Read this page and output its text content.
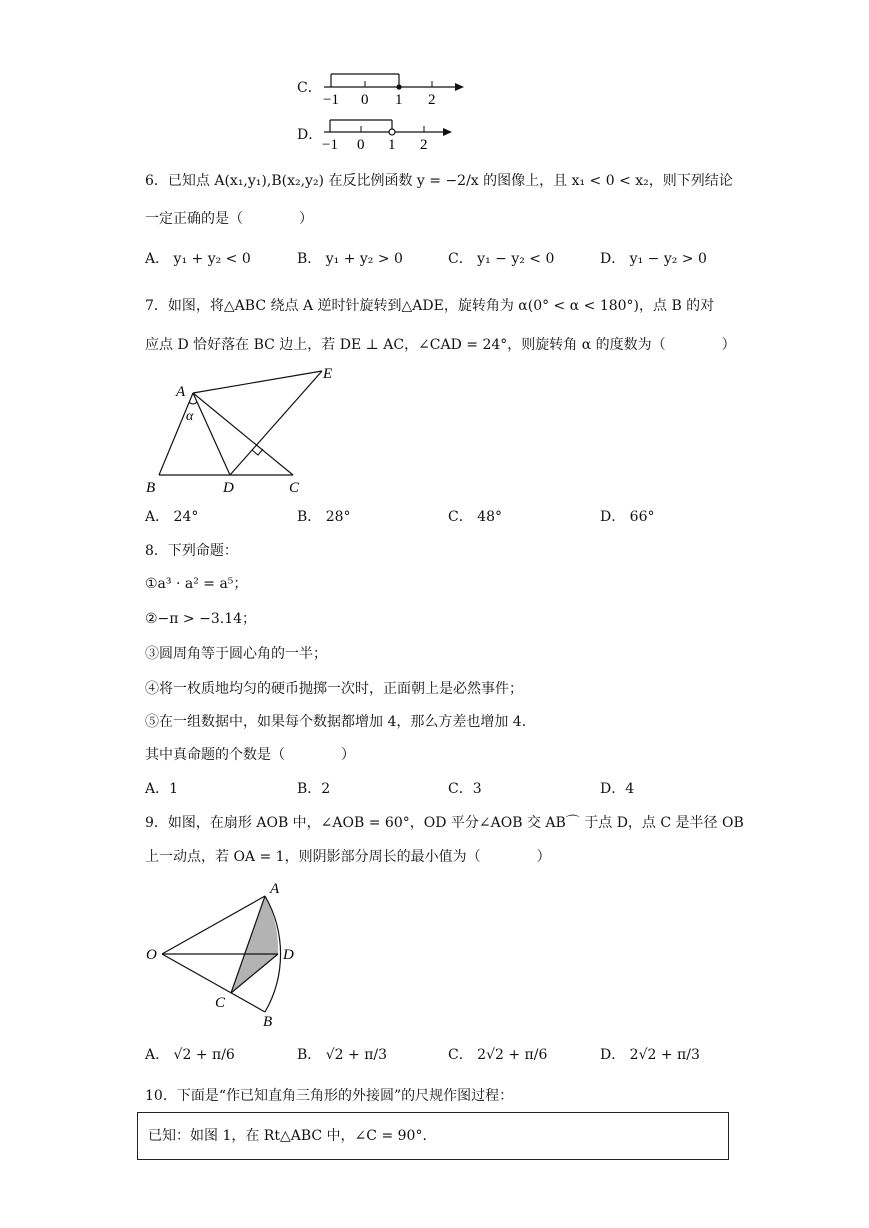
C．
−1 0 1 2
D．
−1 0 1 2
6．已知点 A(x₁,y₁),B(x₂,y₂) 在反比例函数 y = −2/x 的图像上，且 x₁ < 0 < x₂，则下列结论
一定正确的是（　　　　）
A． y₁ + y₂ < 0	B． y₁ + y₂ > 0	C． y₁ − y₂ < 0	D． y₁ − y₂ > 0
7．如图，将△ABC 绕点 A 逆时针旋转到△ADE，旋转角为 α(0° < α < 180°)，点 B 的对
应点 D 恰好落在 BC 边上，若 DE ⊥ AC，∠CAD = 24°，则旋转角 α 的度数为（　　　　）
A
E
α
B	D	C
A． 24°	B． 28°	C． 48°	D． 66°
8．下列命题：
①a³ · a² = a⁵；
②−π > −3.14；
③圆周角等于圆心角的一半；
④将一枚质地均匀的硬币抛掷一次时，正面朝上是必然事件；
⑤在一组数据中，如果每个数据都增加 4，那么方差也增加 4．
其中真命题的个数是（　　　　）
A．1	B．2	C．3	D．4
9．如图，在扇形 AOB 中，∠AOB = 60°，OD 平分∠AOB 交 AB⌒ 于点 D，点 C 是半径 OB
上一动点，若 OA = 1，则阴影部分周长的最小值为（　　　　）
O
A
D
C
B
A． √2 + π/6	B． √2 + π/3	C． 2√2 + π/6	D． 2√2 + π/3
10．下面是“作已知直角三角形的外接圆”的尺规作图过程：
已知：如图 1，在 Rt△ABC 中，∠C = 90°．
